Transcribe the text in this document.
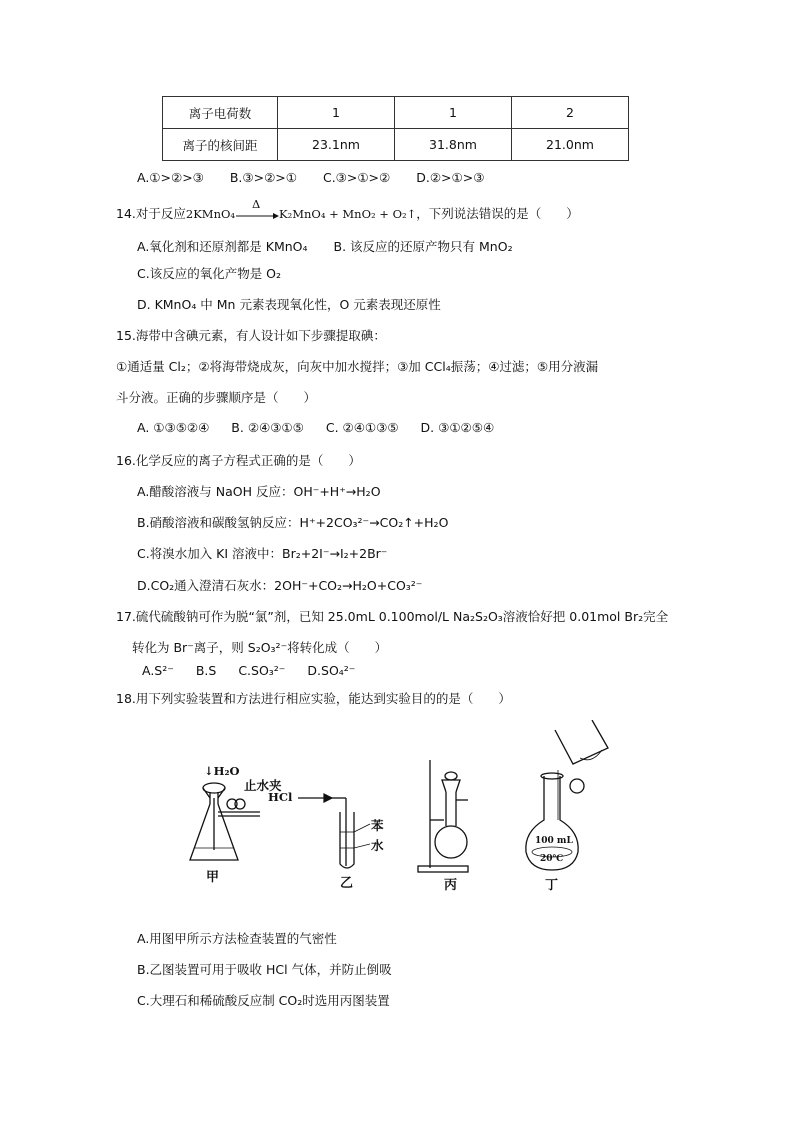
离子电荷数	1	1	2
离子的核间距	23.1nm	31.8nm	21.0nm
A.①>②>③ B.③>②>① C.③>①>② D.②>①>③
14.对于反应2KMnO₄
Δ
K₂MnO₄ + MnO₂ + O₂↑，下列说法错误的是（　　）
A.氧化剂和还原剂都是 KMnO₄ B. 该反应的还原产物只有 MnO₂
C.该反应的氧化产物是 O₂
D. KMnO₄ 中 Mn 元素表现氧化性，O 元素表现还原性
15.海带中含碘元素，有人设计如下步骤提取碘：
①通适量 Cl₂；②将海带烧成灰，向灰中加水搅拌；③加 CCl₄振荡；④过滤；⑤用分液漏
斗分液。正确的步骤顺序是（　　）
A. ①③⑤②④ B. ②④③①⑤ C. ②④①③⑤ D. ③①②⑤④
16.化学反应的离子方程式正确的是（　　）
A.醋酸溶液与 NaOH 反应：OH⁻+H⁺→H₂O
B.硝酸溶液和碳酸氢钠反应：H⁺+2CO₃²⁻→CO₂↑+H₂O
C.将溴水加入 KI 溶液中：Br₂+2I⁻→I₂+2Br⁻
D.CO₂通入澄清石灰水：2OH⁻+CO₂→H₂O+CO₃²⁻
17.硫代硫酸钠可作为脱“氯”剂，已知 25.0mL 0.100mol/L Na₂S₂O₃溶液恰好把 0.01mol Br₂完全
转化为 Br⁻离子，则 S₂O₃²⁻将转化成（　　）
A.S²⁻ B.S C.SO₃²⁻ D.SO₄²⁻
18.用下列实验装置和方法进行相应实验，能达到实验目的的是（　　）
↓H₂O
止水夹
HCl
苯
水	100 mL
20℃
甲	乙	丙	丁
A.用图甲所示方法检查装置的气密性
B.乙图装置可用于吸收 HCl 气体，并防止倒吸
C.大理石和稀硫酸反应制 CO₂时选用丙图装置
